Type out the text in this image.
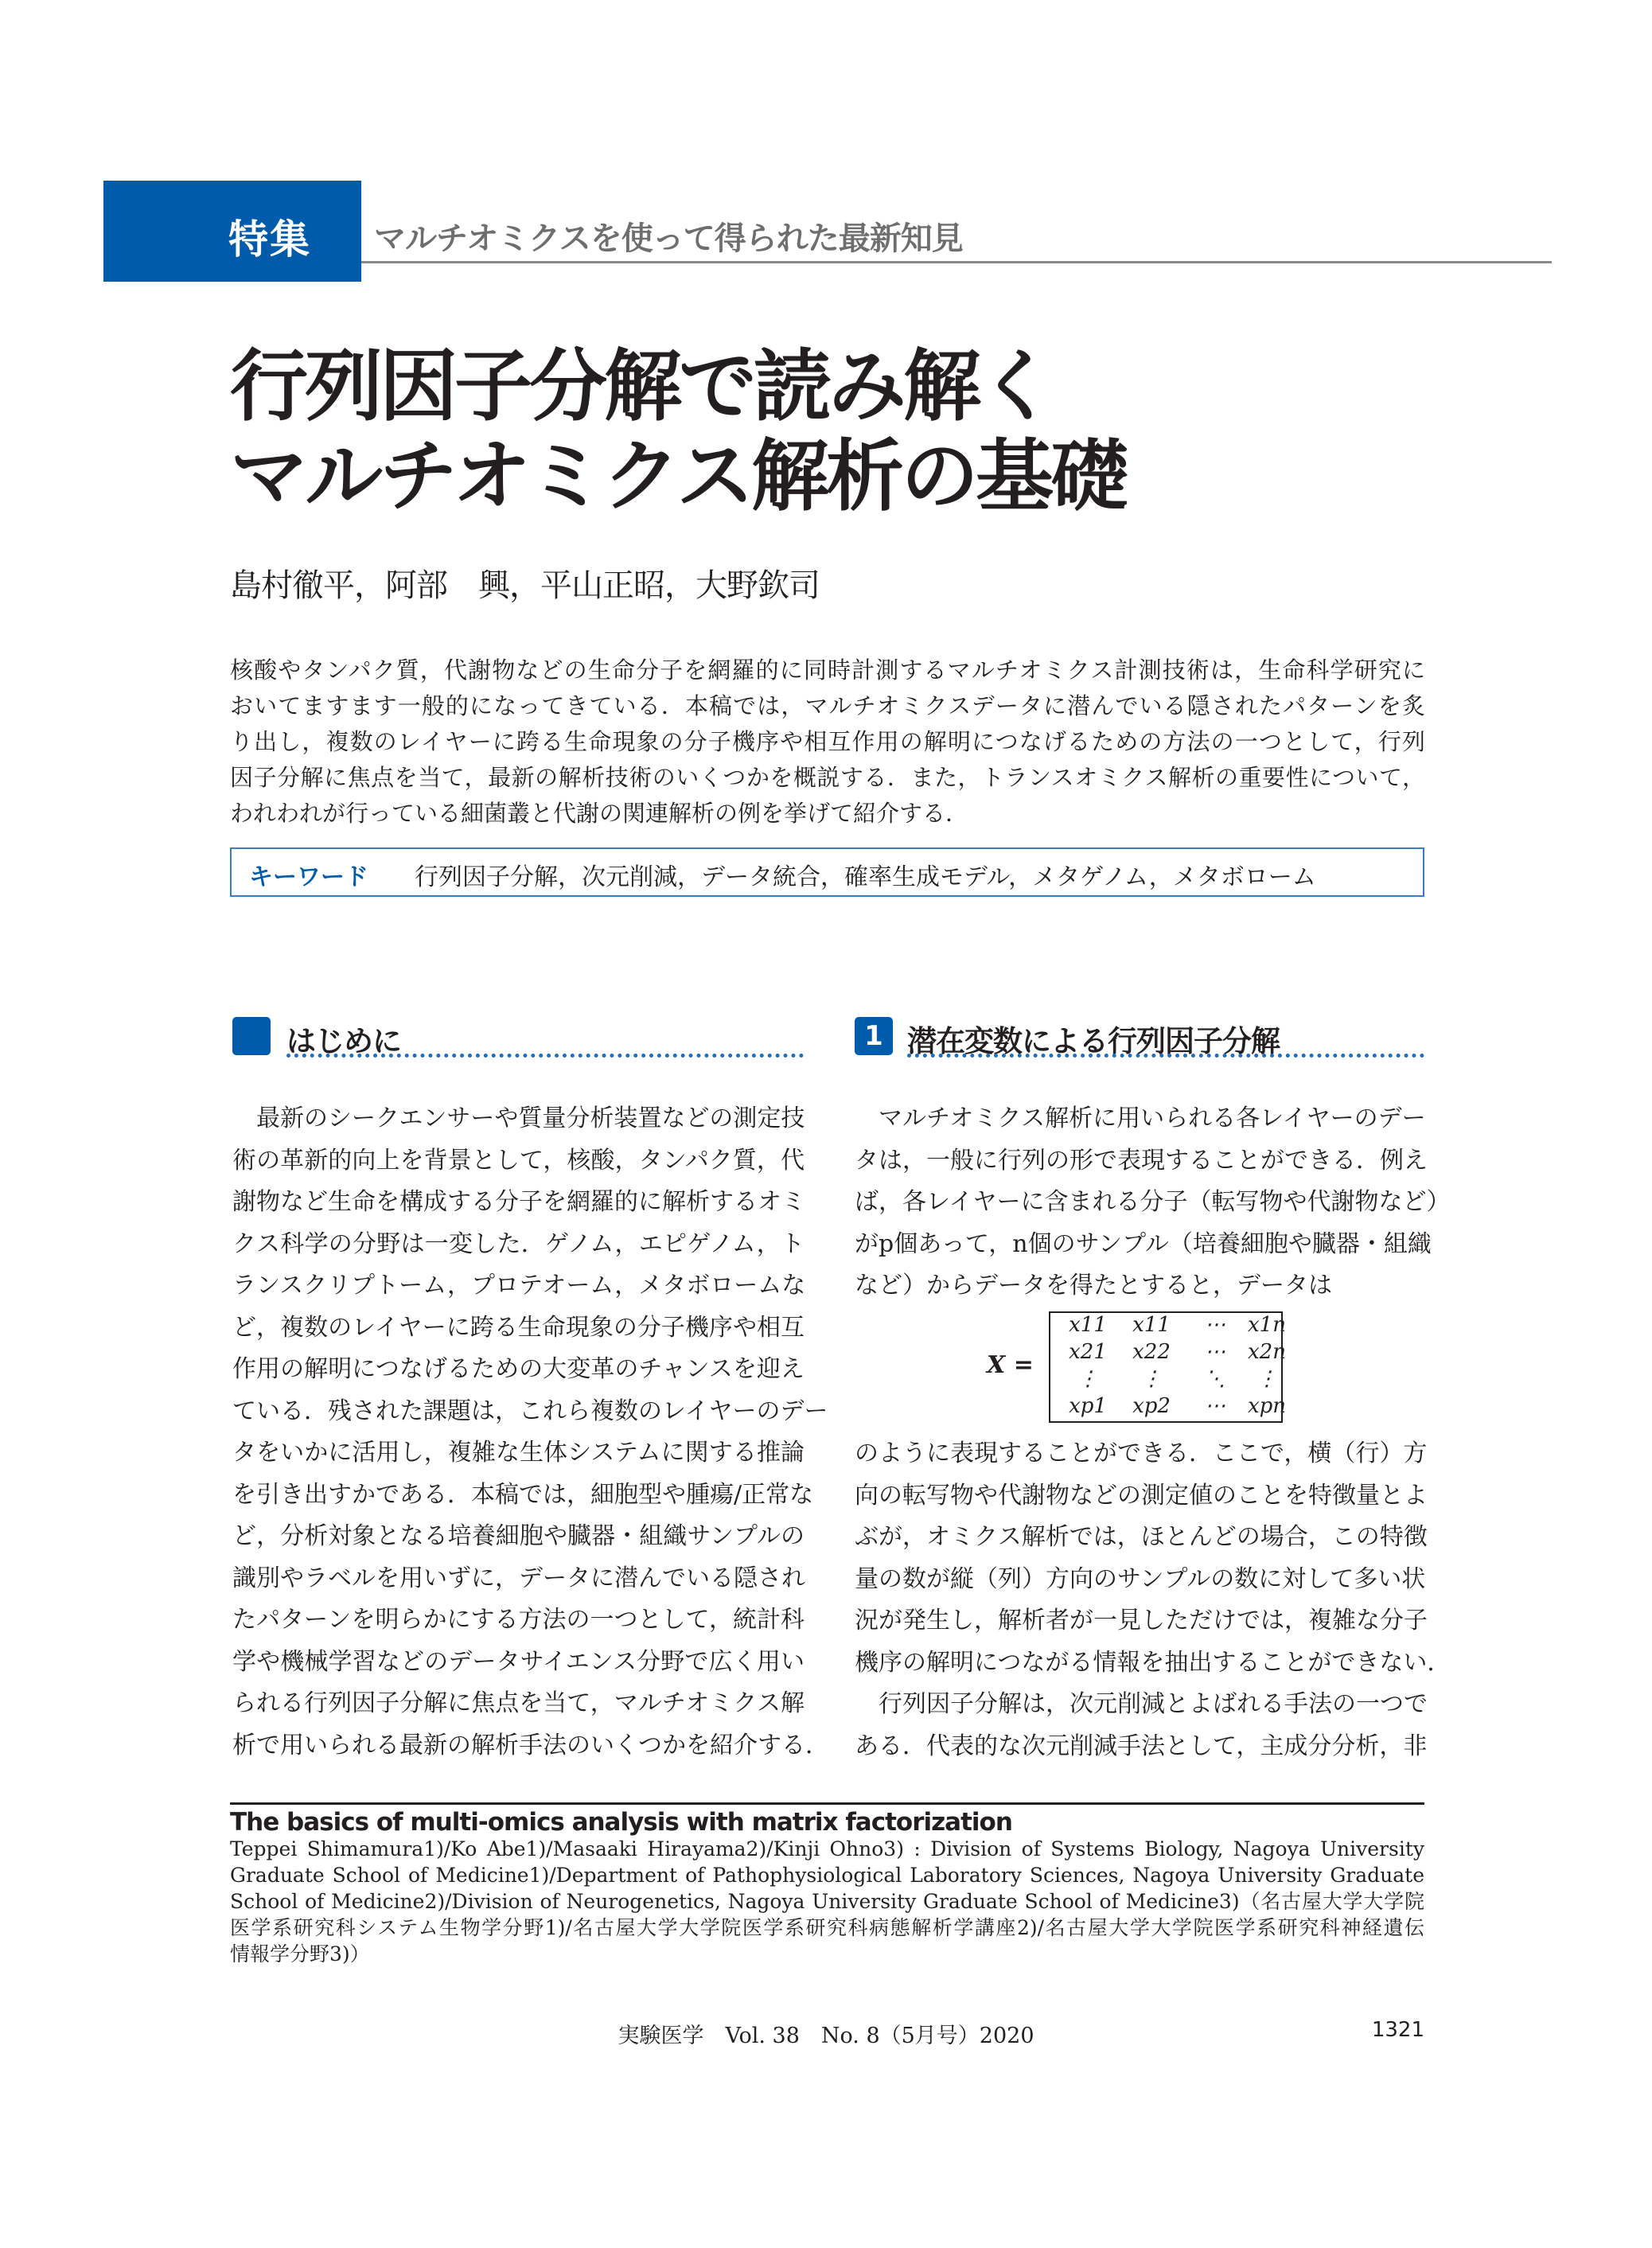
特集 マルチオミクスを使って得られた最新知見
行列因子分解で読み解く
マルチオミクス解析の基礎
島村徹平，阿部　興，平山正昭，大野欽司
核酸やタンパク質，代謝物などの生命分子を網羅的に同時計測するマルチオミクス計測技術は，生命科学研究に
おいてますます一般的になってきている．本稿では，マルチオミクスデータに潜んでいる隠されたパターンを炙
り出し，複数のレイヤーに跨る生命現象の分子機序や相互作用の解明につなげるための方法の一つとして，行列
因子分解に焦点を当て，最新の解析技術のいくつかを概説する．また，トランスオミクス解析の重要性について，
われわれが行っている細菌叢と代謝の関連解析の例を挙げて紹介する．
キーワード 行列因子分解，次元削減，データ統合，確率生成モデル，メタゲノム，メタボローム
はじめに	1 潜在変数による行列因子分解
　最新のシークエンサーや質量分析装置などの測定技
術の革新的向上を背景として，核酸，タンパク質，代
謝物など生命を構成する分子を網羅的に解析するオミ
クス科学の分野は一変した．ゲノム，エピゲノム，ト
ランスクリプトーム，プロテオーム，メタボロームな
ど，複数のレイヤーに跨る生命現象の分子機序や相互
作用の解明につなげるための大変革のチャンスを迎え
ている．残された課題は，これら複数のレイヤーのデー
タをいかに活用し，複雑な生体システムに関する推論
を引き出すかである．本稿では，細胞型や腫瘍/正常な
ど，分析対象となる培養細胞や臓器・組織サンプルの
識別やラベルを用いずに，データに潜んでいる隠され
たパターンを明らかにする方法の一つとして，統計科
学や機械学習などのデータサイエンス分野で広く用い
られる行列因子分解に焦点を当て，マルチオミクス解
析で用いられる最新の解析手法のいくつかを紹介する．
　マルチオミクス解析に用いられる各レイヤーのデー
タは，一般に行列の形で表現することができる．例え
ば，各レイヤーに含まれる分子（転写物や代謝物など）
がp個あって，n個のサンプル（培養細胞や臓器・組織
など）からデータを得たとすると，データは
X =
x11	x11	⋯	x1n
x21	x22	⋯	x2n
⋮	⋮	⋱	⋮
xp1	xp2	⋯	xpn
のように表現することができる．ここで，横（行）方
向の転写物や代謝物などの測定値のことを特徴量とよ
ぶが，オミクス解析では，ほとんどの場合，この特徴
量の数が縦（列）方向のサンプルの数に対して多い状
況が発生し，解析者が一見しただけでは，複雑な分子
機序の解明につながる情報を抽出することができない．
　行列因子分解は，次元削減とよばれる手法の一つで
ある．代表的な次元削減手法として，主成分分析，非
The basics of multi-omics analysis with matrix factorization
Teppei Shimamura1)/Ko Abe1)/Masaaki Hirayama2)/Kinji Ohno3) : Division of Systems Biology, Nagoya University
Graduate School of Medicine1)/Department of Pathophysiological Laboratory Sciences, Nagoya University Graduate
School of Medicine2)/Division of Neurogenetics, Nagoya University Graduate School of Medicine3)（名古屋大学大学院
医学系研究科システム生物学分野1)/名古屋大学大学院医学系研究科病態解析学講座2)/名古屋大学大学院医学系研究科神経遺伝
情報学分野3)）
実験医学　Vol. 38　No. 8（5月号）2020	1321
